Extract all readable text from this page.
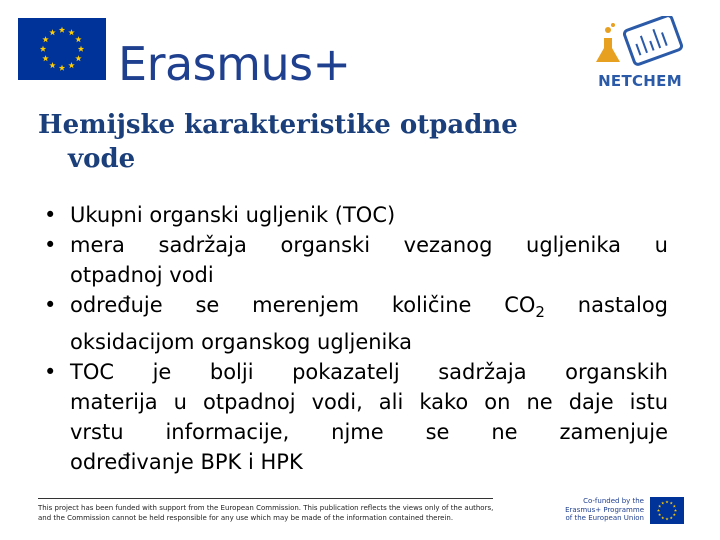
Erasmus+	NETCHEM
Hemijske karakteristike otpadne
vode
• Ukupni organski ugljenik (TOC)
• mera sadržaja organski vezanog ugljenika u
otpadnoj vodi
• određuje se merenjem količine $CO_2$ nastalog
oksidacijom organskog ugljenika
• TOC je bolji pokazatelj sadržaja organskih
materija u otpadnoj vodi, ali kako on ne daje istu
vrstu informacije, njme se ne zamenjuje
određivanje BPK i HPK
This project has been funded with support from the European Commission. This publication reflects the views only of the authors,
and the Commission cannot be held responsible for any use which may be made of the information contained therein.
Co-funded by the
Erasmus+ Programme
of the European Union
